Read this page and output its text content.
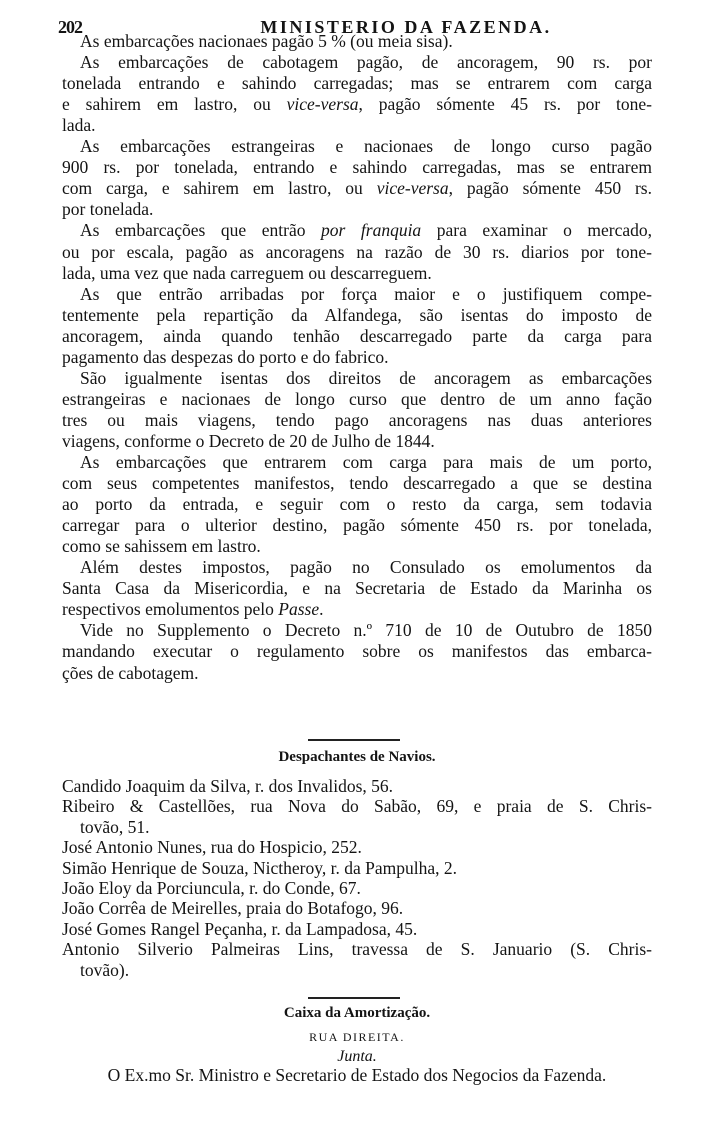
202	MINISTERIO DA FAZENDA.
As embarcações nacionaes pagão 5 % (ou meia sisa).
As embarcações de cabotagem pagão, de ancoragem, 90 rs. por
tonelada entrando e sahindo carregadas; mas se entrarem com carga
e sahirem em lastro, ou vice-versa, pagão sómente 45 rs. por tone-
lada.
As embarcações estrangeiras e nacionaes de longo curso pagão
900 rs. por tonelada, entrando e sahindo carregadas, mas se entrarem
com carga, e sahirem em lastro, ou vice-versa, pagão sómente 450 rs.
por tonelada.
As embarcações que entrão por franquia para examinar o mercado,
ou por escala, pagão as ancoragens na razão de 30 rs. diarios por tone-
lada, uma vez que nada carreguem ou descarreguem.
As que entrão arribadas por força maior e o justifiquem compe-
tentemente pela repartição da Alfandega, são isentas do imposto de
ancoragem, ainda quando tenhão descarregado parte da carga para
pagamento das despezas do porto e do fabrico.
São igualmente isentas dos direitos de ancoragem as embarcações
estrangeiras e nacionaes de longo curso que dentro de um anno fação
tres ou mais viagens, tendo pago ancoragens nas duas anteriores
viagens, conforme o Decreto de 20 de Julho de 1844.
As embarcações que entrarem com carga para mais de um porto,
com seus competentes manifestos, tendo descarregado a que se destina
ao porto da entrada, e seguir com o resto da carga, sem todavia
carregar para o ulterior destino, pagão sómente 450 rs. por tonelada,
como se sahissem em lastro.
Além destes impostos, pagão no Consulado os emolumentos da
Santa Casa da Misericordia, e na Secretaria de Estado da Marinha os
respectivos emolumentos pelo Passe.
Vide no Supplemento o Decreto n.º 710 de 10 de Outubro de 1850
mandando executar o regulamento sobre os manifestos das embarca-
ções de cabotagem.
Despachantes de Navios.
Candido Joaquim da Silva, r. dos Invalidos, 56.
Ribeiro & Castellões, rua Nova do Sabão, 69, e praia de S. Chris-
tovão, 51.
José Antonio Nunes, rua do Hospicio, 252.
Simão Henrique de Souza, Nictheroy, r. da Pampulha, 2.
João Eloy da Porciuncula, r. do Conde, 67.
João Corrêa de Meirelles, praia do Botafogo, 96.
José Gomes Rangel Peçanha, r. da Lampadosa, 45.
Antonio Silverio Palmeiras Lins, travessa de S. Januario (S. Chris-
tovão).
Caixa da Amortização.
RUA DIREITA.
Junta.
O Ex.mo Sr. Ministro e Secretario de Estado dos Negocios da Fazenda.
